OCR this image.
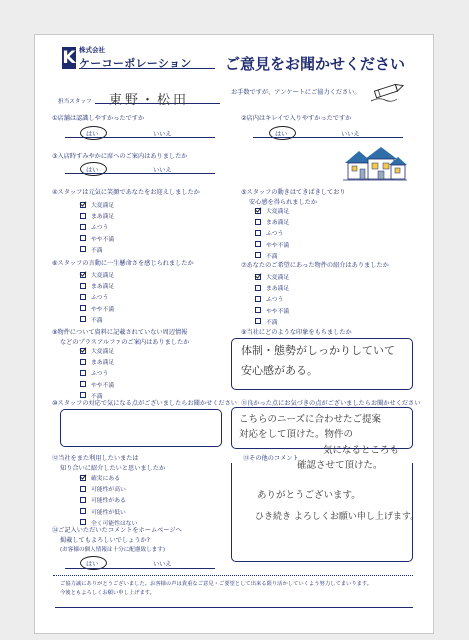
K 株式会社
ケーコーポレーション ご意見をお聞かせください
お手数ですが、アンケートにご協力ください。
担当スタッフ 東野・松田
①店舗は認識しやすかったですか
はい	いいえ
②店内はキレイで入りやすかったですか
はい	いいえ
③入店時すみやかに席へのご案内はありましたか
はい	いいえ
④スタッフは元気に笑顔であなたをお迎えしましたか
大変満足
まあ満足
ふつう
やや不満
不満
⑤スタッフの動きはてきぱきしており
安心感を得られましたか
大変満足
まあ満足
ふつう
やや不満
不満
⑥スタッフの言動に一生懸命さを感じられましたか
大変満足
まあ満足
ふつう
やや不満
不満
⑦あなたのご希望にあった物件の紹介はありましたか
大変満足
まあ満足
ふつう
やや不満
不満
⑧物件について資料に記載されていない周辺情報
などのプラスアルファのご案内はありましたか
大変満足
まあ満足
ふつう
やや不満
不満
⑨当社にどのような印象をもちましたか
体制・態勢がしっかりしていて
安心感がある。
⑩スタッフの対応で気になる点がございましたらお聞かせください ⑪良かった点にお気づきの点がございましたらお聞かせください
こちらのニーズに合わせたご提案
対応をして頂けた。物件の
気になるところも
確認させて頂けた。
⑫当社をまた利用したいまたは
知り合いに紹介したいと思いましたか
確実にある
可能性が高い
可能性がある
可能性が低い
全く可能性はない
⑬その他のコメント
ありがとうございます。
ひき続き よろしくお願い申し上げます。
⑭ご記入いただいたコメントをホームページへ
掲載してもよろしいでしょうか?
(お客様の個人情報は十分に配慮致します)
はい	いいえ
ご協力誠にありがとうございました。お客様の声は貴重なご意見・ご要望として出来る限り活かしていくよう努力してまいります。
今後ともよろしくお願い申し上げます。
